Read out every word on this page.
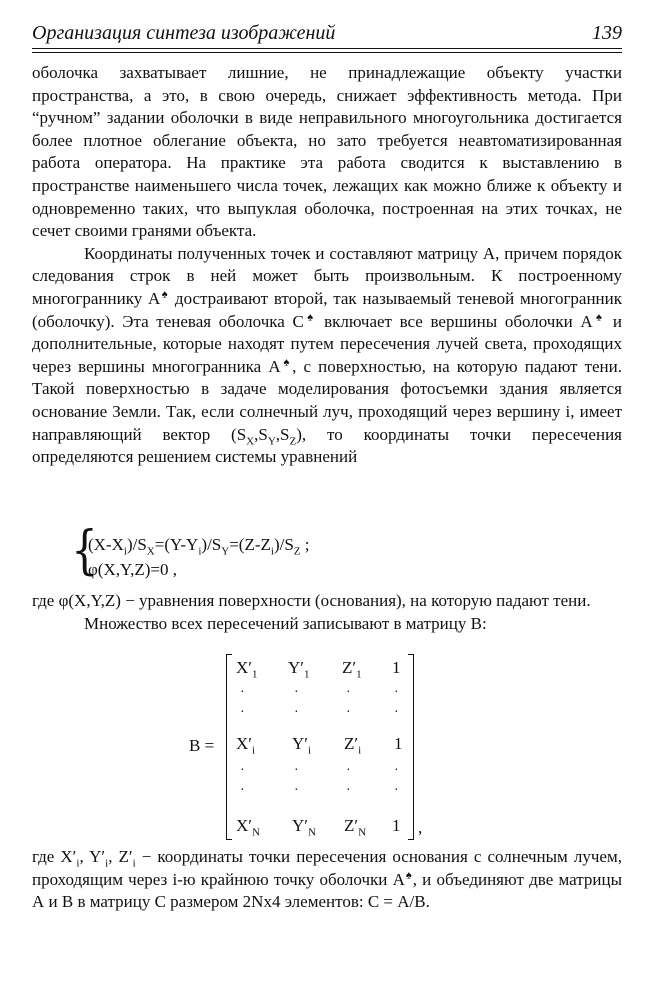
Организация синтеза изображений	139

оболочка захватывает лишние, не принадлежащие объекту участки пространства, а это, в свою очередь, снижает эффективность метода. При “ручном” задании оболочки в виде неправильного многоугольника достигается более плотное облегание объекта, но зато требуется неавтоматизированная работа оператора. На практике эта работа сводится к выставлению в пространстве наименьшего числа точек, лежащих как можно ближе к объекту и одновременно таких, что выпуклая оболочка, построенная на этих точках, не сечет своими гранями объекта.

Координаты полученных точек и составляют матрицу А, причем порядок следования строк в ней может быть произвольным. К построенному многограннику А♠ достраивают второй, так называемый теневой многогранник (оболочку). Эта теневая оболочка С♠ включает все вершины оболочки А♠ и дополнительные, которые находят путем пересечения лучей света, проходящих через вершины многогранника А♠, с поверхностью, на которую падают тени. Такой поверхностью в задаче моделирования фотосъемки здания является основание Земли. Так, если солнечный луч, проходящий через вершину i, имеет направляющий вектор $(S_X,S_Y,S_Z)$, то координаты точки пересечения определяются решением системы уравнений

{
$(X-X_i)/S_X=(Y-Y_i)/S_Y=(Z-Z_i)/S_Z$ ;
φ(X,Y,Z)=0 ,

где φ(X,Y,Z) − уравнения поверхности (основания), на которую падают тени.

Множество всех пересечений записывают в матрицу В:

В =
$X'_1$ $Y'_1$ $Z'_1$ 1
·	·	·	·
·	·	·	·
$X'_i$ $Y'_i$ $Z'_i$ 1
·	·	·	·
·	·	·	·
$X'_N$ $Y'_N$ $Z'_N$ 1 ,

где $X'_i$, $Y'_i$, $Z'_i$ − координаты точки пересечения основания с солнечным лучем, проходящим через i-ю крайнюю точку оболочки А♠, и объединяют две матрицы А и В в матрицу С размером 2Nx4 элементов: С = А/В.
